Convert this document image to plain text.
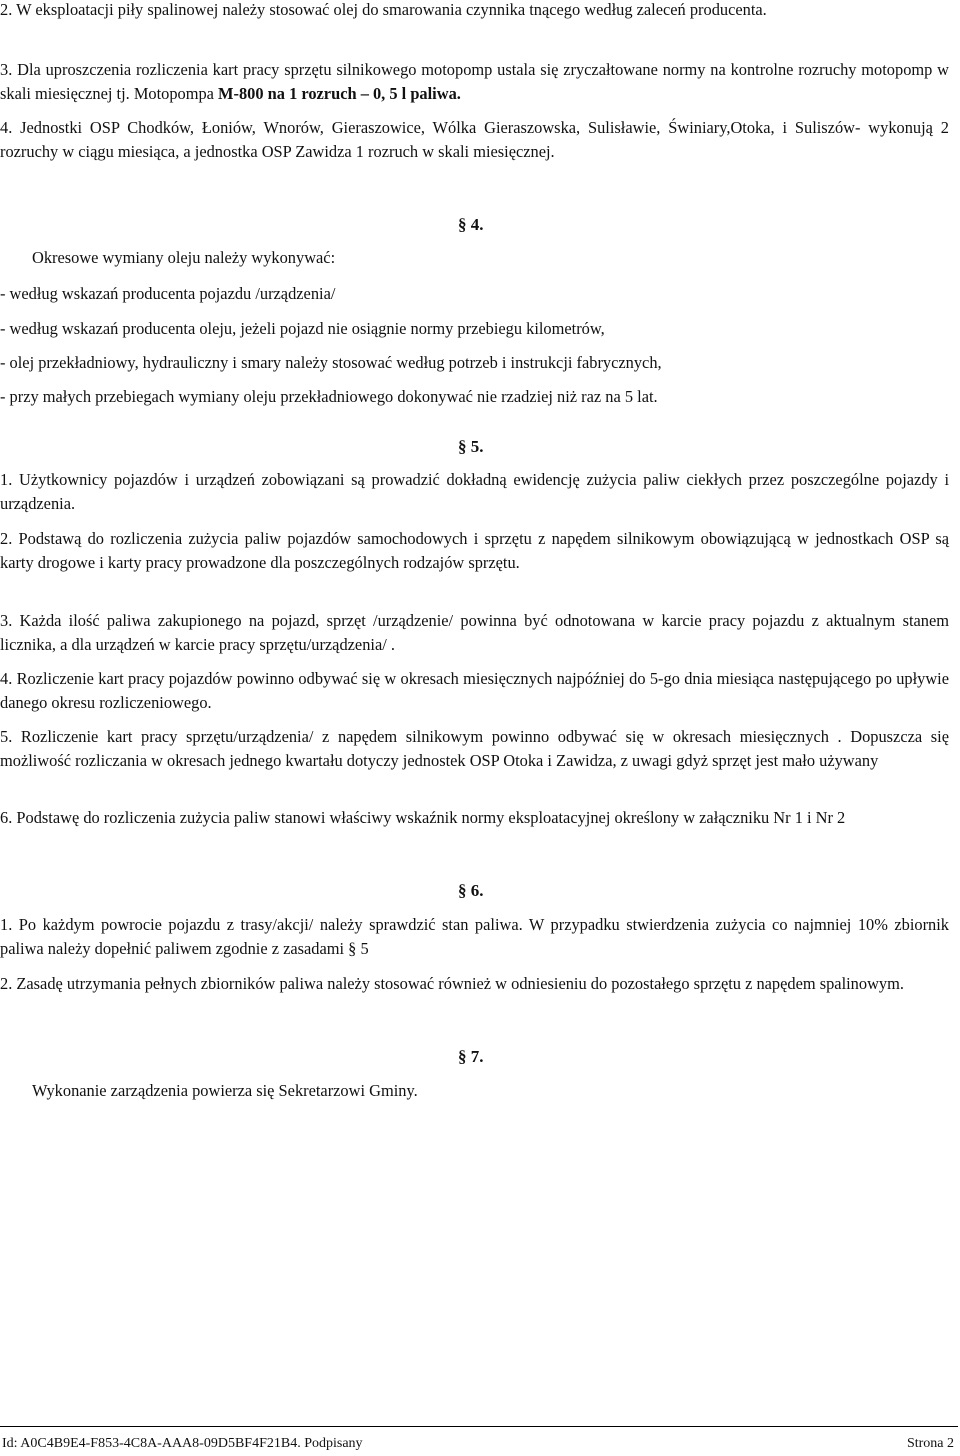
2. W eksploatacji piły spalinowej należy stosować olej do smarowania czynnika tnącego według zaleceń producenta.

3. Dla uproszczenia rozliczenia kart pracy sprzętu silnikowego motopomp ustala się zryczałtowane normy na kontrolne rozruchy motopomp w skali miesięcznej tj. Motopompa M-800 na 1 rozruch – 0, 5 l paliwa.

4. Jednostki OSP Chodków, Łoniów, Wnorów, Gieraszowice, Wólka Gieraszowska, Sulisławie, Świniary,Otoka, i Suliszów- wykonują 2 rozruchy w ciągu miesiąca, a jednostka OSP Zawidza 1 rozruch w skali miesięcznej.

§ 4.

Okresowe wymiany oleju należy wykonywać:

- według wskazań producenta pojazdu /urządzenia/

- według wskazań producenta oleju, jeżeli pojazd nie osiągnie normy przebiegu kilometrów,

- olej przekładniowy, hydrauliczny i smary należy stosować według potrzeb i instrukcji fabrycznych,

- przy małych przebiegach wymiany oleju przekładniowego dokonywać nie rzadziej niż raz na 5 lat.

§ 5.

1. Użytkownicy pojazdów i urządzeń zobowiązani są prowadzić dokładną ewidencję zużycia paliw ciekłych przez poszczególne pojazdy i urządzenia.

2. Podstawą do rozliczenia zużycia paliw pojazdów samochodowych i sprzętu z napędem silnikowym obowiązującą w jednostkach OSP są karty drogowe i karty pracy prowadzone dla poszczególnych rodzajów sprzętu.

3. Każda ilość paliwa zakupionego na pojazd, sprzęt /urządzenie/ powinna być odnotowana w karcie pracy pojazdu z aktualnym stanem licznika, a dla urządzeń w karcie pracy sprzętu/urządzenia/ .

4. Rozliczenie kart pracy pojazdów powinno odbywać się w okresach miesięcznych najpóźniej do 5-go dnia miesiąca następującego po upływie danego okresu rozliczeniowego.

5. Rozliczenie kart pracy sprzętu/urządzenia/ z napędem silnikowym powinno odbywać się w okresach miesięcznych . Dopuszcza się możliwość rozliczania w okresach jednego kwartału dotyczy jednostek OSP Otoka i Zawidza, z uwagi gdyż sprzęt jest mało używany

6. Podstawę do rozliczenia zużycia paliw stanowi właściwy wskaźnik normy eksploatacyjnej określony w załączniku Nr 1 i Nr 2

§ 6.

1. Po każdym powrocie pojazdu z trasy/akcji/ należy sprawdzić stan paliwa. W przypadku stwierdzenia zużycia co najmniej 10% zbiornik paliwa należy dopełnić paliwem zgodnie z zasadami § 5

2. Zasadę utrzymania pełnych zbiorników paliwa należy stosować również w odniesieniu do pozostałego sprzętu z napędem spalinowym.

§ 7.

Wykonanie zarządzenia powierza się Sekretarzowi Gminy.

Id: A0C4B9E4-F853-4C8A-AAA8-09D5BF4F21B4. Podpisany	Strona 2
